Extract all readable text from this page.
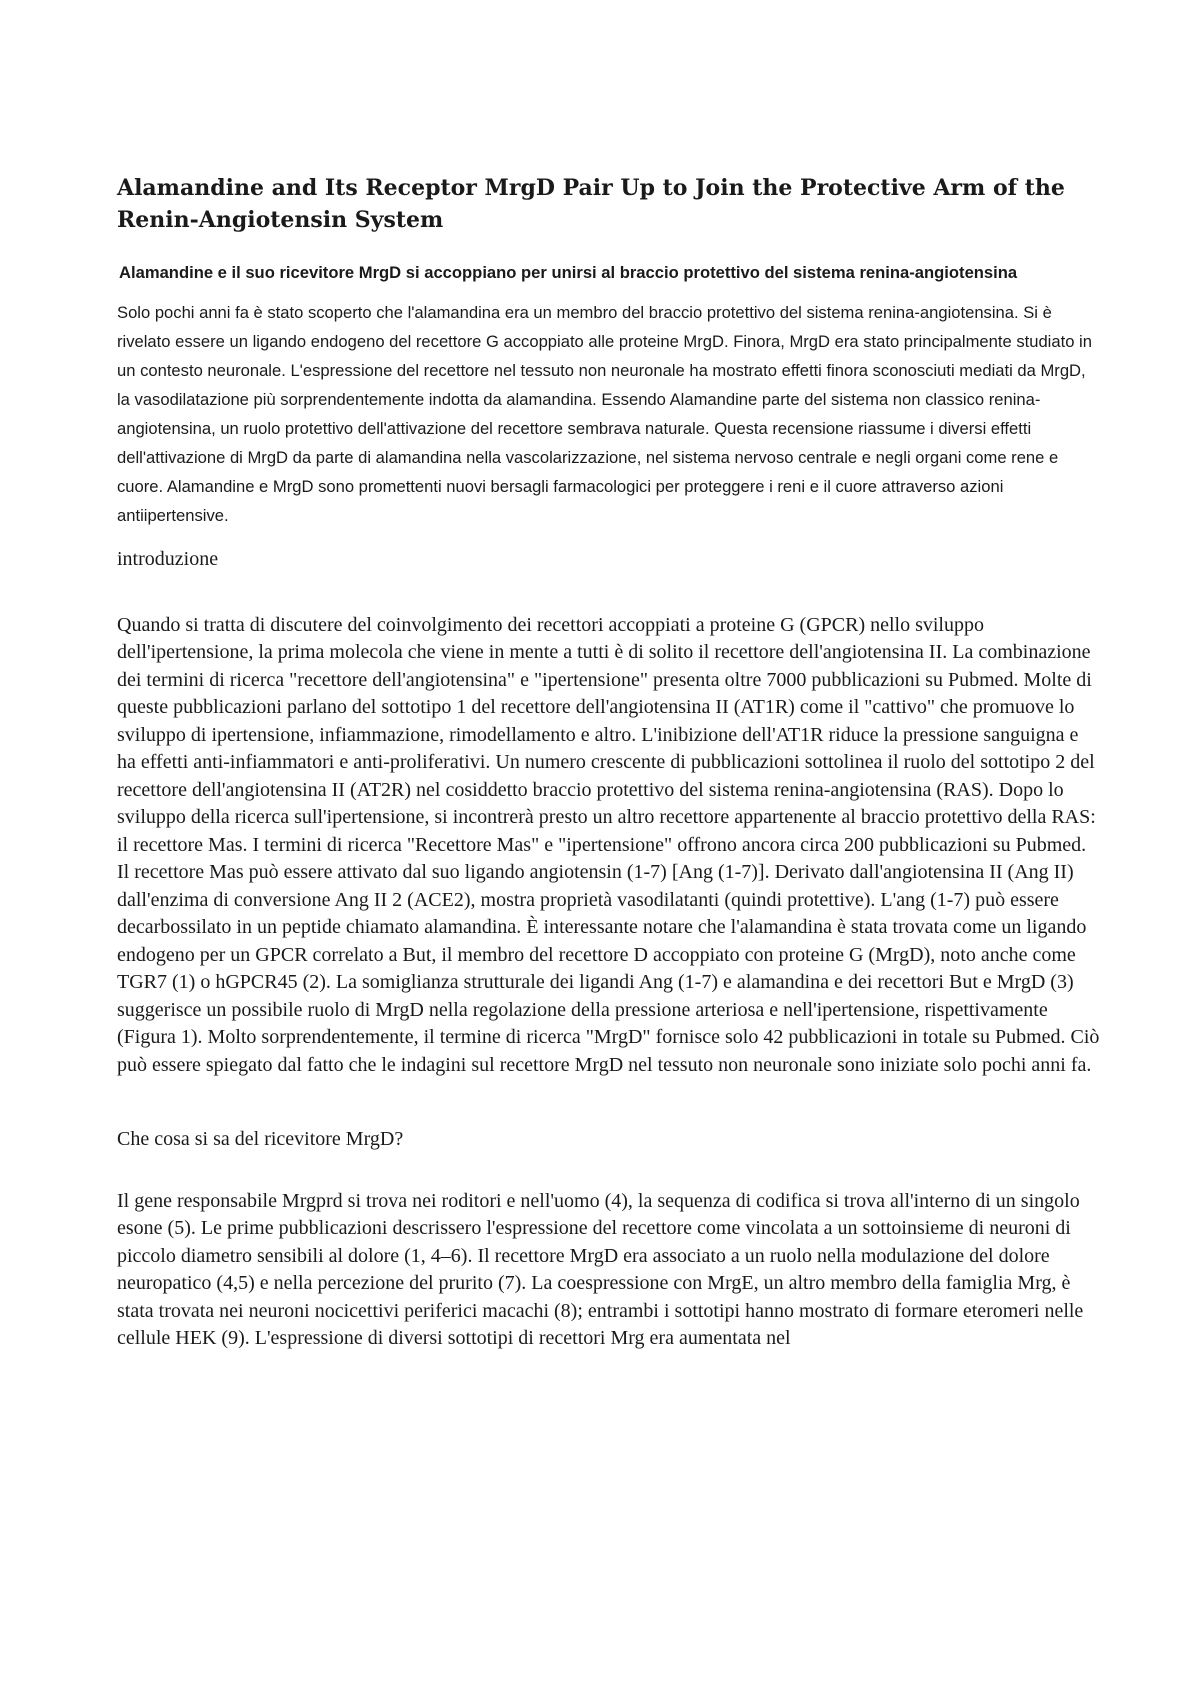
Alamandine and Its Receptor MrgD Pair Up to Join the Protective Arm of the Renin-Angiotensin System

Alamandine e il suo ricevitore MrgD si accoppiano per unirsi al braccio protettivo del sistema renina-angiotensina

Solo pochi anni fa è stato scoperto che l'alamandina era un membro del braccio protettivo del sistema renina-angiotensina. Si è rivelato essere un ligando endogeno del recettore G accoppiato alle proteine MrgD. Finora, MrgD era stato principalmente studiato in un contesto neuronale. L'espressione del recettore nel tessuto non neuronale ha mostrato effetti finora sconosciuti mediati da MrgD, la vasodilatazione più sorprendentemente indotta da alamandina. Essendo Alamandine parte del sistema non classico renina-angiotensina, un ruolo protettivo dell'attivazione del recettore sembrava naturale. Questa recensione riassume i diversi effetti dell'attivazione di MrgD da parte di alamandina nella vascolarizzazione, nel sistema nervoso centrale e negli organi come rene e cuore. Alamandine e MrgD sono promettenti nuovi bersagli farmacologici per proteggere i reni e il cuore attraverso azioni antiipertensive.

introduzione

Quando si tratta di discutere del coinvolgimento dei recettori accoppiati a proteine G (GPCR) nello sviluppo dell'ipertensione, la prima molecola che viene in mente a tutti è di solito il recettore dell'angiotensina II. La combinazione dei termini di ricerca "recettore dell'angiotensina" e "ipertensione" presenta oltre 7000 pubblicazioni su Pubmed. Molte di queste pubblicazioni parlano del sottotipo 1 del recettore dell'angiotensina II (AT1R) come il "cattivo" che promuove lo sviluppo di ipertensione, infiammazione, rimodellamento e altro. L'inibizione dell'AT1R riduce la pressione sanguigna e ha effetti anti-infiammatori e anti-proliferativi. Un numero crescente di pubblicazioni sottolinea il ruolo del sottotipo 2 del recettore dell'angiotensina II (AT2R) nel cosiddetto braccio protettivo del sistema renina-angiotensina (RAS). Dopo lo sviluppo della ricerca sull'ipertensione, si incontrerà presto un altro recettore appartenente al braccio protettivo della RAS: il recettore Mas. I termini di ricerca "Recettore Mas" e "ipertensione" offrono ancora circa 200 pubblicazioni su Pubmed. Il recettore Mas può essere attivato dal suo ligando angiotensin (1-7) [Ang (1-7)]. Derivato dall'angiotensina II (Ang II) dall'enzima di conversione Ang II 2 (ACE2), mostra proprietà vasodilatanti (quindi protettive). L'ang (1-7) può essere decarbossilato in un peptide chiamato alamandina. È interessante notare che l'alamandina è stata trovata come un ligando endogeno per un GPCR correlato a But, il membro del recettore D accoppiato con proteine G (MrgD), noto anche come TGR7 (1) o hGPCR45 (2). La somiglianza strutturale dei ligandi Ang (1-7) e alamandina e dei recettori But e MrgD (3) suggerisce un possibile ruolo di MrgD nella regolazione della pressione arteriosa e nell'ipertensione, rispettivamente (Figura 1). Molto sorprendentemente, il termine di ricerca "MrgD" fornisce solo 42 pubblicazioni in totale su Pubmed. Ciò può essere spiegato dal fatto che le indagini sul recettore MrgD nel tessuto non neuronale sono iniziate solo pochi anni fa.

Che cosa si sa del ricevitore MrgD?

Il gene responsabile Mrgprd si trova nei roditori e nell'uomo (4), la sequenza di codifica si trova all'interno di un singolo esone (5). Le prime pubblicazioni descrissero l'espressione del recettore come vincolata a un sottoinsieme di neuroni di piccolo diametro sensibili al dolore (1, 4–6). Il recettore MrgD era associato a un ruolo nella modulazione del dolore neuropatico (4,5) e nella percezione del prurito (7). La coespressione con MrgE, un altro membro della famiglia Mrg, è stata trovata nei neuroni nocicettivi periferici macachi (8); entrambi i sottotipi hanno mostrato di formare eteromeri nelle cellule HEK (9). L'espressione di diversi sottotipi di recettori Mrg era aumentata nel
